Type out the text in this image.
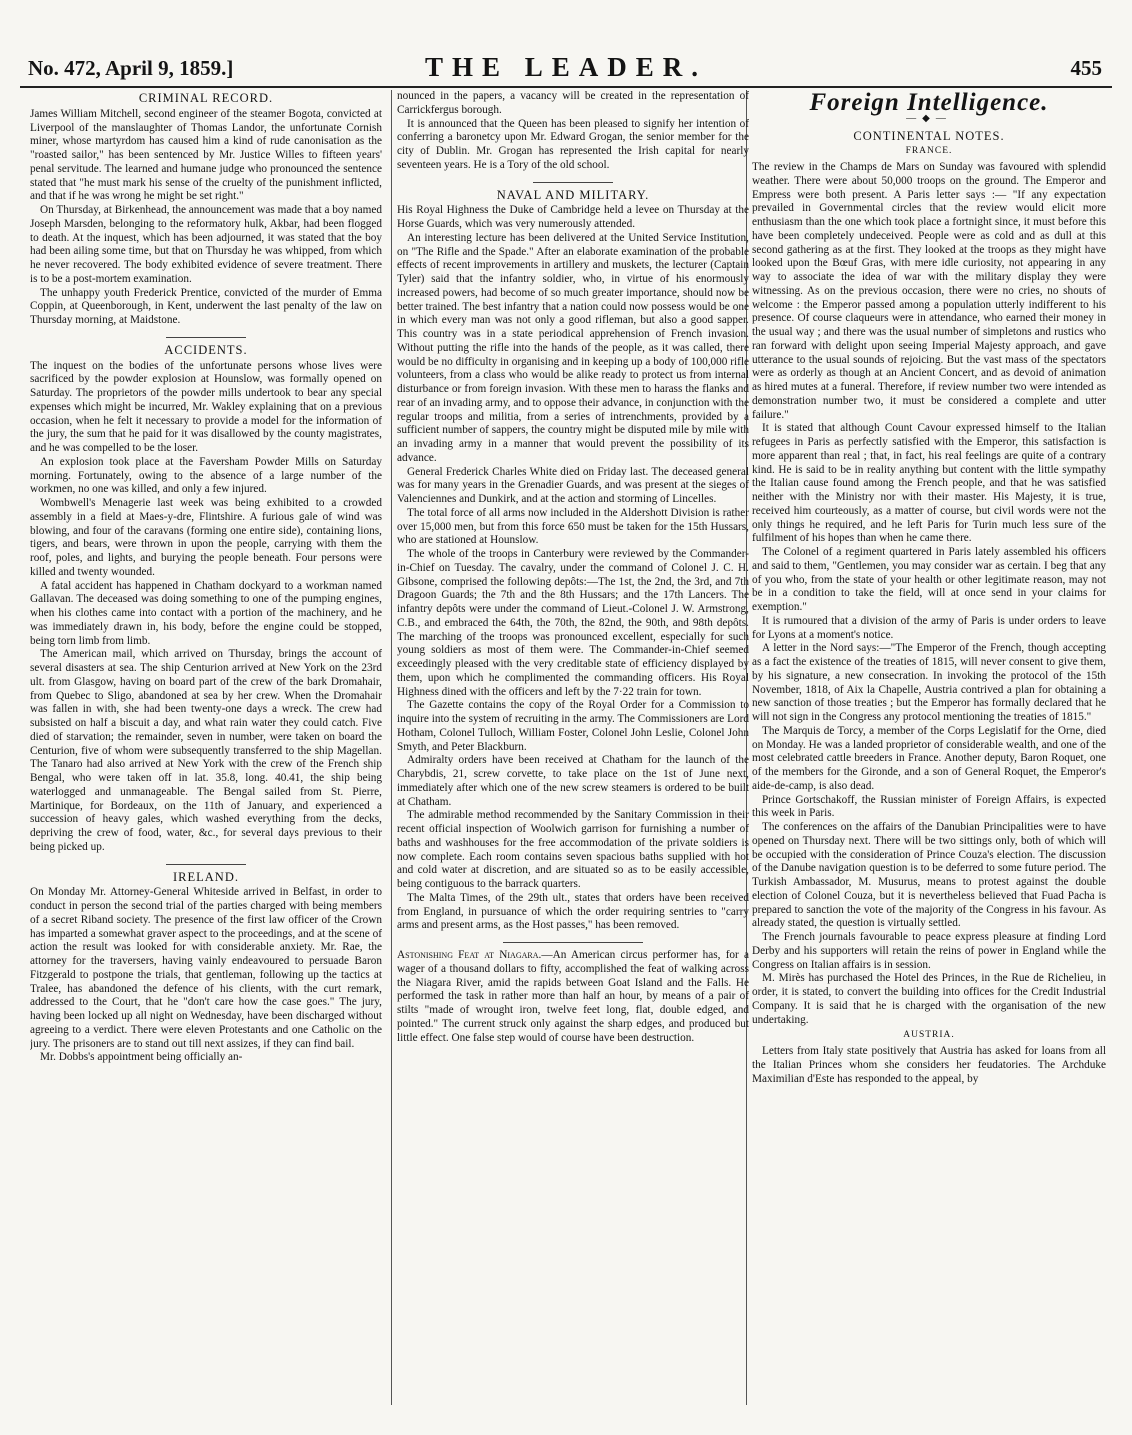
No. 472, April 9, 1859.]	THE LEADER.	455
CRIMINAL RECORD.

James William Mitchell, second engineer of the steamer Bogota, convicted at Liverpool of the manslaughter of Thomas Landor, the unfortunate Cornish miner, whose martyrdom has caused him a kind of rude canonisation as the "roasted sailor," has been sentenced by Mr. Justice Willes to fifteen years' penal servitude. The learned and humane judge who pronounced the sentence stated that "he must mark his sense of the cruelty of the punishment inflicted, and that if he was wrong he might be set right."

On Thursday, at Birkenhead, the announcement was made that a boy named Joseph Marsden, belonging to the reformatory hulk, Akbar, had been flogged to death. At the inquest, which has been adjourned, it was stated that the boy had been ailing some time, but that on Thursday he was whipped, from which he never recovered. The body exhibited evidence of severe treatment. There is to be a post-mortem examination.

The unhappy youth Frederick Prentice, convicted of the murder of Emma Coppin, at Queenborough, in Kent, underwent the last penalty of the law on Thursday morning, at Maidstone.

ACCIDENTS.

The inquest on the bodies of the unfortunate persons whose lives were sacrificed by the powder explosion at Hounslow, was formally opened on Saturday. The proprietors of the powder mills undertook to bear any special expenses which might be incurred, Mr. Wakley explaining that on a previous occasion, when he felt it necessary to provide a model for the information of the jury, the sum that he paid for it was disallowed by the county magistrates, and he was compelled to be the loser.

An explosion took place at the Faversham Powder Mills on Saturday morning. Fortunately, owing to the absence of a large number of the workmen, no one was killed, and only a few injured.

Wombwell's Menagerie last week was being exhibited to a crowded assembly in a field at Maes-y-dre, Flintshire. A furious gale of wind was blowing, and four of the caravans (forming one entire side), containing lions, tigers, and bears, were thrown in upon the people, carrying with them the roof, poles, and lights, and burying the people beneath. Four persons were killed and twenty wounded.

A fatal accident has happened in Chatham dockyard to a workman named Gallavan. The deceased was doing something to one of the pumping engines, when his clothes came into contact with a portion of the machinery, and he was immediately drawn in, his body, before the engine could be stopped, being torn limb from limb.

The American mail, which arrived on Thursday, brings the account of several disasters at sea. The ship Centurion arrived at New York on the 23rd ult. from Glasgow, having on board part of the crew of the bark Dromahair, from Quebec to Sligo, abandoned at sea by her crew. When the Dromahair was fallen in with, she had been twenty-one days a wreck. The crew had subsisted on half a biscuit a day, and what rain water they could catch. Five died of starvation; the remainder, seven in number, were taken on board the Centurion, five of whom were subsequently transferred to the ship Magellan. The Tanaro had also arrived at New York with the crew of the French ship Bengal, who were taken off in lat. 35.8, long. 40.41, the ship being waterlogged and unmanageable. The Bengal sailed from St. Pierre, Martinique, for Bordeaux, on the 11th of January, and experienced a succession of heavy gales, which washed everything from the decks, depriving the crew of food, water, &c., for several days previous to their being picked up.

IRELAND.

On Monday Mr. Attorney-General Whiteside arrived in Belfast, in order to conduct in person the second trial of the parties charged with being members of a secret Riband society. The presence of the first law officer of the Crown has imparted a somewhat graver aspect to the proceedings, and at the scene of action the result was looked for with considerable anxiety. Mr. Rae, the attorney for the traversers, having vainly endeavoured to persuade Baron Fitzgerald to postpone the trials, that gentleman, following up the tactics at Tralee, has abandoned the defence of his clients, with the curt remark, addressed to the Court, that he "don't care how the case goes." The jury, having been locked up all night on Wednesday, have been discharged without agreeing to a verdict. There were eleven Protestants and one Catholic on the jury. The prisoners are to stand out till next assizes, if they can find bail.

Mr. Dobbs's appointment being officially an-

nounced in the papers, a vacancy will be created in the representation of Carrickfergus borough.

It is announced that the Queen has been pleased to signify her intention of conferring a baronetcy upon Mr. Edward Grogan, the senior member for the city of Dublin. Mr. Grogan has represented the Irish capital for nearly seventeen years. He is a Tory of the old school.

NAVAL AND MILITARY.

His Royal Highness the Duke of Cambridge held a levee on Thursday at the Horse Guards, which was very numerously attended.

An interesting lecture has been delivered at the United Service Institution, on "The Rifle and the Spade." After an elaborate examination of the probable effects of recent improvements in artillery and muskets, the lecturer (Captain Tyler) said that the infantry soldier, who, in virtue of his enormously increased powers, had become of so much greater importance, should now be better trained. The best infantry that a nation could now possess would be one in which every man was not only a good rifleman, but also a good sapper. This country was in a state periodical apprehension of French invasion. Without putting the rifle into the hands of the people, as it was called, there would be no difficulty in organising and in keeping up a body of 100,000 rifle volunteers, from a class who would be alike ready to protect us from internal disturbance or from foreign invasion. With these men to harass the flanks and rear of an invading army, and to oppose their advance, in conjunction with the regular troops and militia, from a series of intrenchments, provided by a sufficient number of sappers, the country might be disputed mile by mile with an invading army in a manner that would prevent the possibility of its advance.

General Frederick Charles White died on Friday last. The deceased general was for many years in the Grenadier Guards, and was present at the sieges of Valenciennes and Dunkirk, and at the action and storming of Lincelles.

The total force of all arms now included in the Aldershott Division is rather over 15,000 men, but from this force 650 must be taken for the 15th Hussars, who are stationed at Hounslow.

The whole of the troops in Canterbury were reviewed by the Commander-in-Chief on Tuesday. The cavalry, under the command of Colonel J. C. H. Gibsone, comprised the following depôts:—The 1st, the 2nd, the 3rd, and 7th Dragoon Guards; the 7th and the 8th Hussars; and the 17th Lancers. The infantry depôts were under the command of Lieut.-Colonel J. W. Armstrong, C.B., and embraced the 64th, the 70th, the 82nd, the 90th, and 98th depôts. The marching of the troops was pronounced excellent, especially for such young soldiers as most of them were. The Commander-in-Chief seemed exceedingly pleased with the very creditable state of efficiency displayed by them, upon which he complimented the commanding officers. His Royal Highness dined with the officers and left by the 7·22 train for town.

The Gazette contains the copy of the Royal Order for a Commission to inquire into the system of recruiting in the army. The Commissioners are Lord Hotham, Colonel Tulloch, William Foster, Colonel John Leslie, Colonel John Smyth, and Peter Blackburn.

Admiralty orders have been received at Chatham for the launch of the Charybdis, 21, screw corvette, to take place on the 1st of June next, immediately after which one of the new screw steamers is ordered to be built at Chatham.

The admirable method recommended by the Sanitary Commission in their recent official inspection of Woolwich garrison for furnishing a number of baths and washhouses for the free accommodation of the private soldiers is now complete. Each room contains seven spacious baths supplied with hot and cold water at discretion, and are situated so as to be easily accessible, being contiguous to the barrack quarters.

The Malta Times, of the 29th ult., states that orders have been received from England, in pursuance of which the order requiring sentries to "carry arms and present arms, as the Host passes," has been removed.

Astonishing Feat at Niagara.—An American circus performer has, for a wager of a thousand dollars to fifty, accomplished the feat of walking across the Niagara River, amid the rapids between Goat Island and the Falls. He performed the task in rather more than half an hour, by means of a pair of stilts "made of wrought iron, twelve feet long, flat, double edged, and pointed." The current struck only against the sharp edges, and produced but little effect. One false step would of course have been destruction.

Foreign Intelligence.
—◆—
CONTINENTAL NOTES.
FRANCE.

The review in the Champs de Mars on Sunday was favoured with splendid weather. There were about 50,000 troops on the ground. The Emperor and Empress were both present. A Paris letter says :— "If any expectation prevailed in Governmental circles that the review would elicit more enthusiasm than the one which took place a fortnight since, it must before this have been completely undeceived. People were as cold and as dull at this second gathering as at the first. They looked at the troops as they might have looked upon the Bœuf Gras, with mere idle curiosity, not appearing in any way to associate the idea of war with the military display they were witnessing. As on the previous occasion, there were no cries, no shouts of welcome : the Emperor passed among a population utterly indifferent to his presence. Of course claqueurs were in attendance, who earned their money in the usual way ; and there was the usual number of simpletons and rustics who ran forward with delight upon seeing Imperial Majesty approach, and gave utterance to the usual sounds of rejoicing. But the vast mass of the spectators were as orderly as though at an Ancient Concert, and as devoid of animation as hired mutes at a funeral. Therefore, if review number two were intended as demonstration number two, it must be considered a complete and utter failure."

It is stated that although Count Cavour expressed himself to the Italian refugees in Paris as perfectly satisfied with the Emperor, this satisfaction is more apparent than real ; that, in fact, his real feelings are quite of a contrary kind. He is said to be in reality anything but content with the little sympathy the Italian cause found among the French people, and that he was satisfied neither with the Ministry nor with their master. His Majesty, it is true, received him courteously, as a matter of course, but civil words were not the only things he required, and he left Paris for Turin much less sure of the fulfilment of his hopes than when he came there.

The Colonel of a regiment quartered in Paris lately assembled his officers and said to them, "Gentlemen, you may consider war as certain. I beg that any of you who, from the state of your health or other legitimate reason, may not be in a condition to take the field, will at once send in your claims for exemption."

It is rumoured that a division of the army of Paris is under orders to leave for Lyons at a moment's notice.

A letter in the Nord says:—"The Emperor of the French, though accepting as a fact the existence of the treaties of 1815, will never consent to give them, by his signature, a new consecration. In invoking the protocol of the 15th November, 1818, of Aix la Chapelle, Austria contrived a plan for obtaining a new sanction of those treaties ; but the Emperor has formally declared that he will not sign in the Congress any protocol mentioning the treaties of 1815."

The Marquis de Torcy, a member of the Corps Legislatif for the Orne, died on Monday. He was a landed proprietor of considerable wealth, and one of the most celebrated cattle breeders in France. Another deputy, Baron Roquet, one of the members for the Gironde, and a son of General Roquet, the Emperor's aide-de-camp, is also dead.

Prince Gortschakoff, the Russian minister of Foreign Affairs, is expected this week in Paris.

The conferences on the affairs of the Danubian Principalities were to have opened on Thursday next. There will be two sittings only, both of which will be occupied with the consideration of Prince Couza's election. The discussion of the Danube navigation question is to be deferred to some future period. The Turkish Ambassador, M. Musurus, means to protest against the double election of Colonel Couza, but it is nevertheless believed that Fuad Pacha is prepared to sanction the vote of the majority of the Congress in his favour. As already stated, the question is virtually settled.

The French journals favourable to peace express pleasure at finding Lord Derby and his supporters will retain the reins of power in England while the Congress on Italian affairs is in session.

M. Mirès has purchased the Hotel des Princes, in the Rue de Richelieu, in order, it is stated, to convert the building into offices for the Credit Industrial Company. It is said that he is charged with the organisation of the new undertaking.

AUSTRIA.

Letters from Italy state positively that Austria has asked for loans from all the Italian Princes whom she considers her feudatories. The Archduke Maximilian d'Este has responded to the appeal, by
